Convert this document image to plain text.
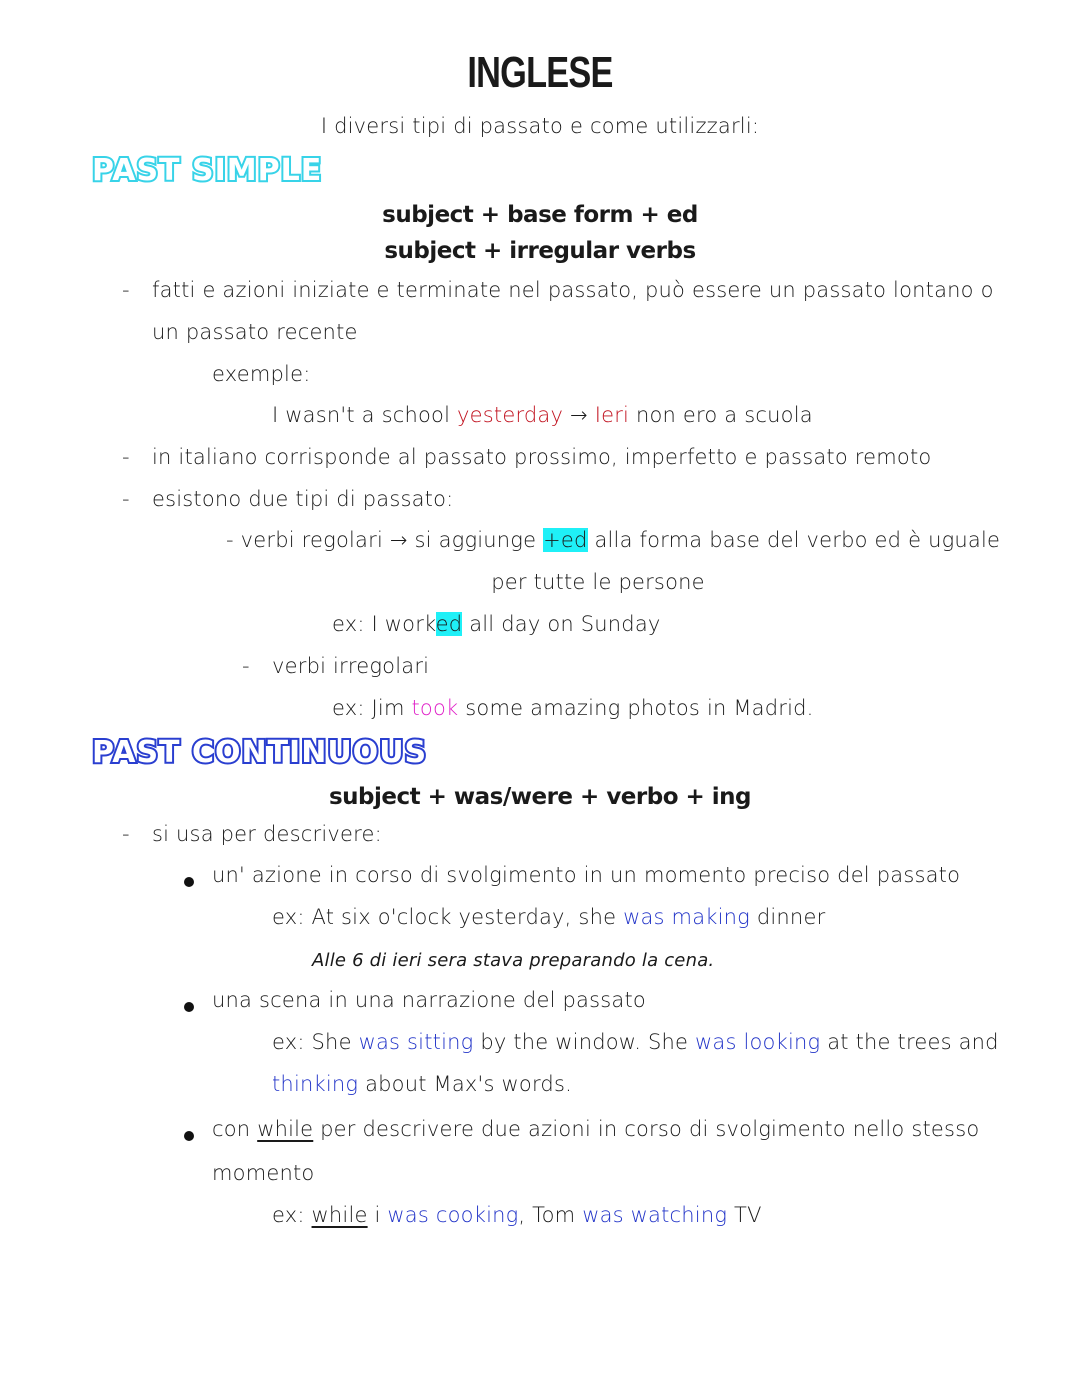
INGLESE
I diversi tipi di passato e come utilizzarli:
PAST SIMPLE
subject + base form + ed
subject + irregular verbs
- fatti e azioni iniziate e terminate nel passato, può essere un passato lontano o
un passato recente
exemple:
I wasn't a school yesterday → Ieri non ero a scuola
- in italiano corrisponde al passato prossimo, imperfetto e passato remoto
- esistono due tipi di passato:
- verbi regolari → si aggiunge +ed alla forma base del verbo ed è uguale
per tutte le persone
ex: I worked all day on Sunday
- verbi irregolari
ex: Jim took some amazing photos in Madrid.
PAST CONTINUOUS
subject + was/were + verbo + ing
- si usa per descrivere:
un' azione in corso di svolgimento in un momento preciso del passato
ex: At six o'clock yesterday, she was making dinner
Alle 6 di ieri sera stava preparando la cena.
una scena in una narrazione del passato
ex: She was sitting by the window. She was looking at the trees and
thinking about Max's words.
con while per descrivere due azioni in corso di svolgimento nello stesso
momento
ex: while i was cooking, Tom was watching TV
